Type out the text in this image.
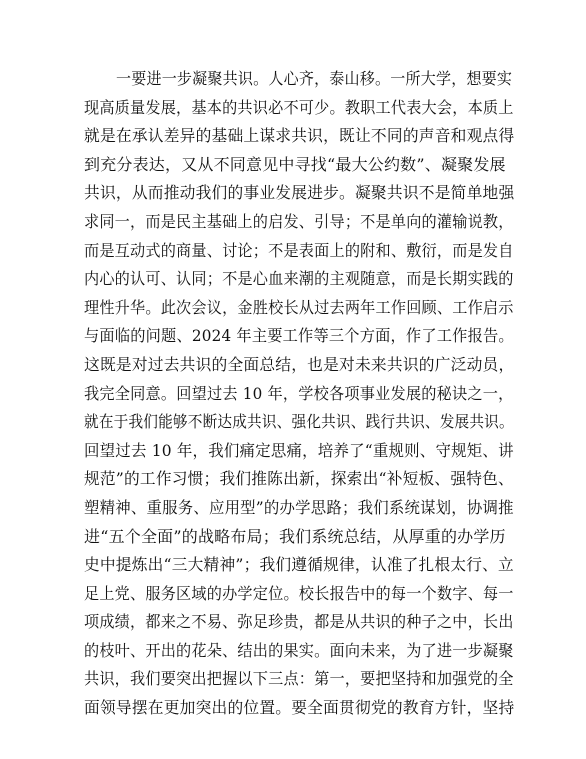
一要进一步凝聚共识。人心齐，泰山移。一所大学，想要实
现高质量发展，基本的共识必不可少。教职工代表大会，本质上
就是在承认差异的基础上谋求共识，既让不同的声音和观点得
到充分表达，又从不同意见中寻找“最大公约数”、凝聚发展
共识，从而推动我们的事业发展进步。凝聚共识不是简单地强
求同一，而是民主基础上的启发、引导；不是单向的灌输说教，
而是互动式的商量、讨论；不是表面上的附和、敷衍，而是发自
内心的认可、认同；不是心血来潮的主观随意，而是长期实践的
理性升华。此次会议，金胜校长从过去两年工作回顾、工作启示
与面临的问题、2024 年主要工作等三个方面，作了工作报告。
这既是对过去共识的全面总结，也是对未来共识的广泛动员，
我完全同意。回望过去 10 年，学校各项事业发展的秘诀之一，
就在于我们能够不断达成共识、强化共识、践行共识、发展共识。
回望过去 10 年，我们痛定思痛，培养了“重规则、守规矩、讲
规范”的工作习惯；我们推陈出新，探索出“补短板、强特色、
塑精神、重服务、应用型”的办学思路；我们系统谋划，协调推
进“五个全面”的战略布局；我们系统总结，从厚重的办学历
史中提炼出“三大精神”；我们遵循规律，认准了扎根太行、立
足上党、服务区域的办学定位。校长报告中的每一个数字、每一
项成绩，都来之不易、弥足珍贵，都是从共识的种子之中，长出
的枝叶、开出的花朵、结出的果实。面向未来，为了进一步凝聚
共识，我们要突出把握以下三点：第一，要把坚持和加强党的全
面领导摆在更加突出的位置。要全面贯彻党的教育方针，坚持
